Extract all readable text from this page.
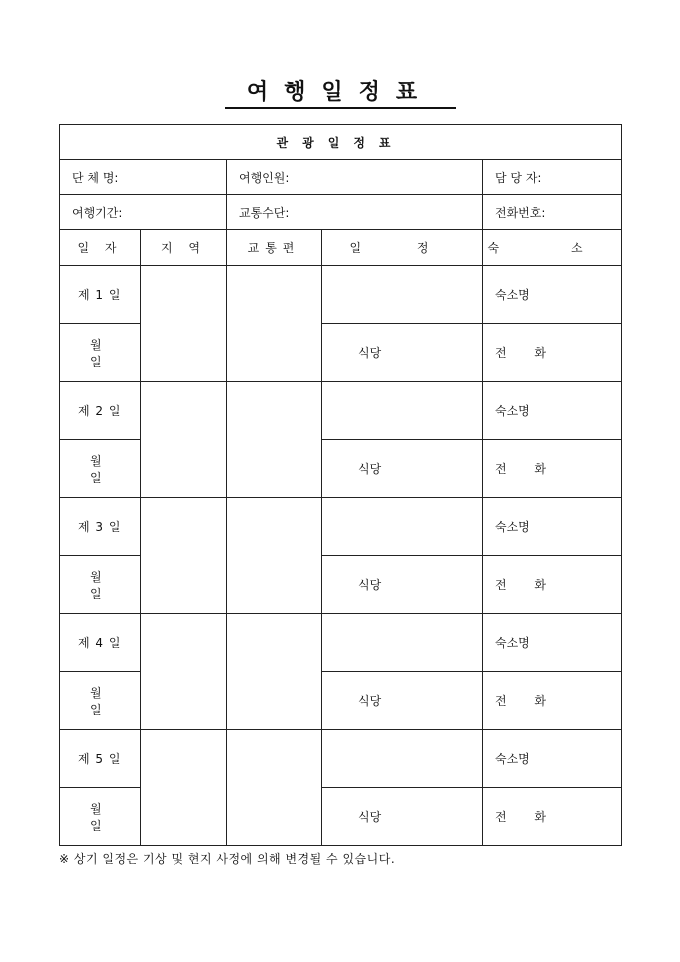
여행일정표
관광일정표				
단 체 명:		여행인원:		담 당 자:
여행기간:		교통수단:		전화번호:
일 자	지 역	교통편	일 정	숙 소
제 1 일				숙소명
월 일			식당	전 화
제 2 일				숙소명
월 일			식당	전 화
제 3 일				숙소명
월 일			식당	전 화
제 4 일				숙소명
월 일			식당	전 화
제 5 일				숙소명
월 일			식당	전 화
※ 상기 일정은 기상 및 현지 사정에 의해 변경될 수 있습니다.
